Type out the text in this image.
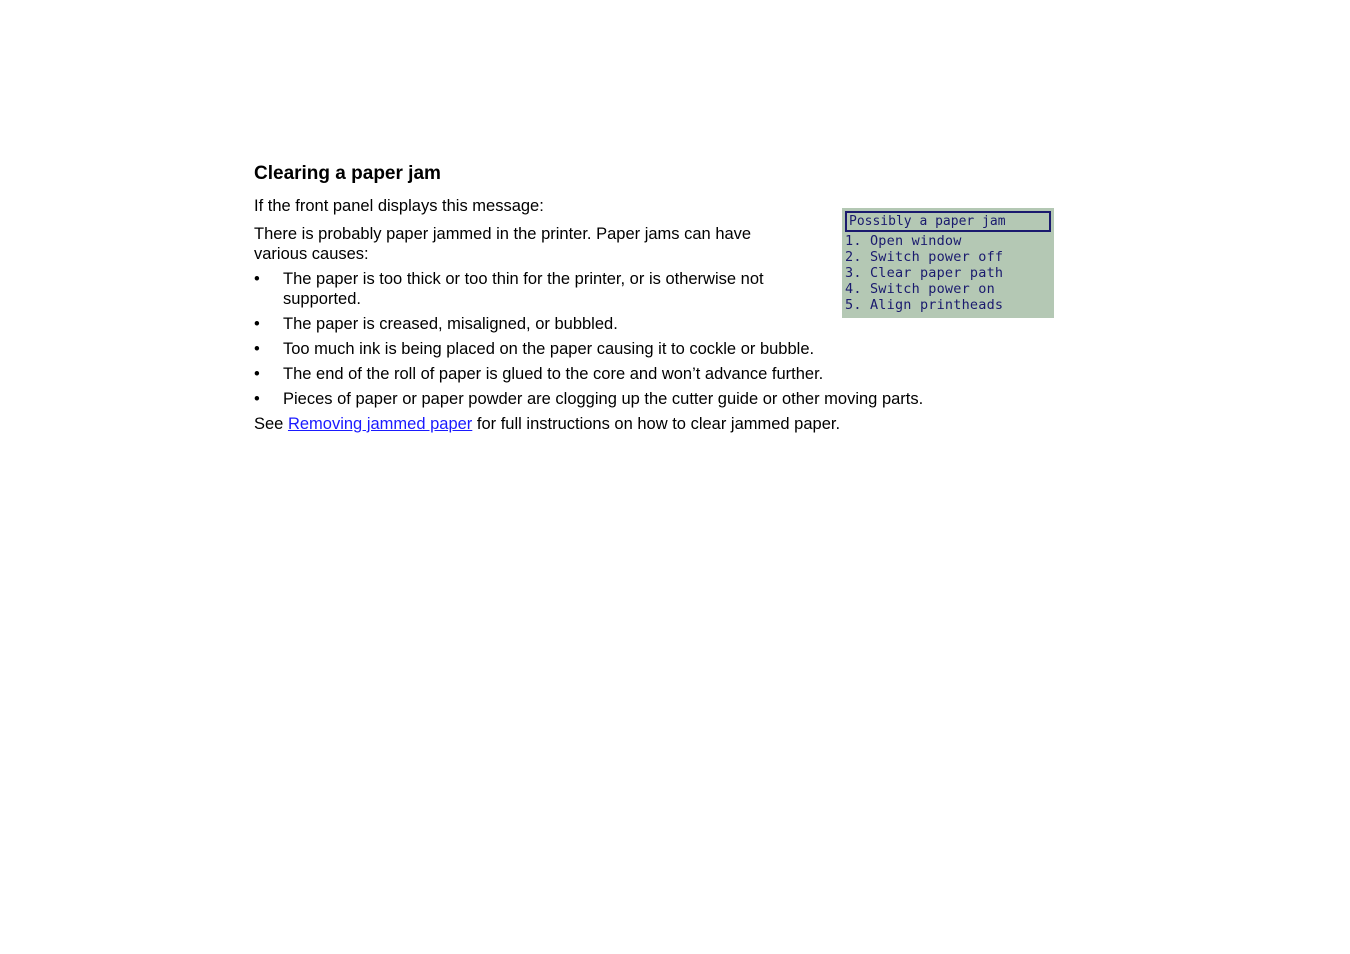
Clearing a paper jam

If the front panel displays this message:

There is probably paper jammed in the printer. Paper jams can have various causes:

• The paper is too thick or too thin for the printer, or is otherwise not supported.
• The paper is creased, misaligned, or bubbled.
• Too much ink is being placed on the paper causing it to cockle or bubble.
• The end of the roll of paper is glued to the core and won’t advance further.
• Pieces of paper or paper powder are clogging up the cutter guide or other moving parts.

See Removing jammed paper for full instructions on how to clear jammed paper.

Possibly a paper jam
1. Open window
2. Switch power off
3. Clear paper path
4. Switch power on
5. Align printheads
